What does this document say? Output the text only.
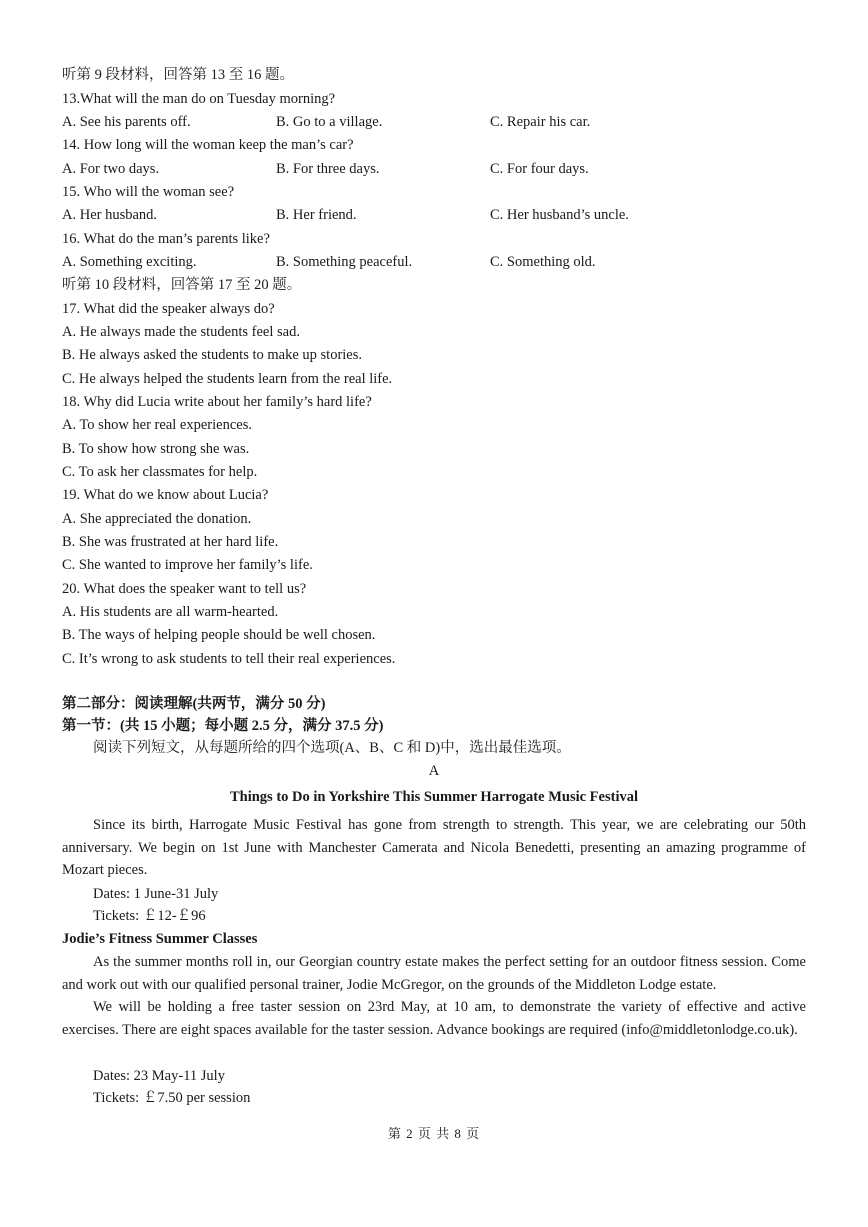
听第 9 段材料，回答第 13 至 16 题。
13.What will the man do on Tuesday morning?
A. See his parents off.	B. Go to a village.	C. Repair his car.
14. How long will the woman keep the man’s car?
A. For two days.	B. For three days.	C. For four days.
15. Who will the woman see?
A. Her husband.	B. Her friend.	C. Her husband’s uncle.
16. What do the man’s parents like?
A. Something exciting.	B. Something peaceful.	C. Something old.
听第 10 段材料，回答第 17 至 20 题。
17. What did the speaker always do?
A. He always made the students feel sad.
B. He always asked the students to make up stories.
C. He always helped the students learn from the real life.
18. Why did Lucia write about her family’s hard life?
A. To show her real experiences.
B. To show how strong she was.
C. To ask her classmates for help.
19. What do we know about Lucia?
A. She appreciated the donation.
B. She was frustrated at her hard life.
C. She wanted to improve her family’s life.
20. What does the speaker want to tell us?
A. His students are all warm-hearted.
B. The ways of helping people should be well chosen.
C. It’s wrong to ask students to tell their real experiences.
第二部分：阅读理解(共两节，满分 50 分)
第一节：(共 15 小题；每小题 2.5 分，满分 37.5 分)
阅读下列短文，从每题所给的四个选项(A、B、C 和 D)中，选出最佳选项。
A
Things to Do in Yorkshire This Summer Harrogate Music Festival
Since its birth, Harrogate Music Festival has gone from strength to strength. This year, we are celebrating our 50th anniversary. We begin on 1st June with Manchester Camerata and Nicola Benedetti, presenting an amazing programme of Mozart pieces.
Dates: 1 June-31 July
Tickets: ￡12-￡96
Jodie’s Fitness Summer Classes
As the summer months roll in, our Georgian country estate makes the perfect setting for an outdoor fitness session. Come and work out with our qualified personal trainer, Jodie McGregor, on the grounds of the Middleton Lodge estate.
We will be holding a free taster session on 23rd May, at 10 am, to demonstrate the variety of effective and active exercises. There are eight spaces available for the taster session. Advance bookings are required (info@middletonlodge.co.uk).
Dates: 23 May-11 July
Tickets: ￡7.50 per session
第 2 页 共 8 页
